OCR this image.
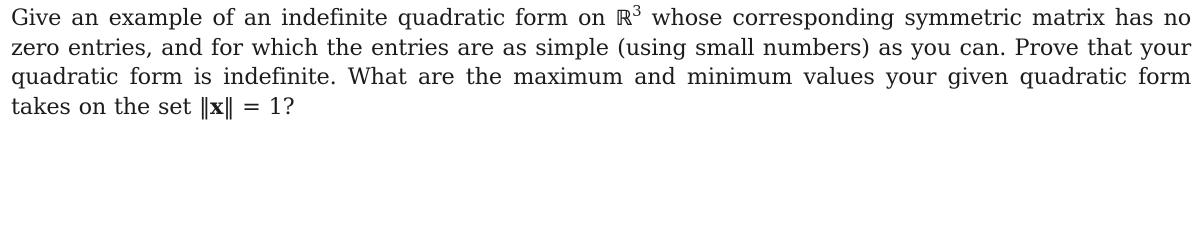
Give an example of an indefinite quadratic form on ℝ$^3$ whose corresponding symmetric matrix has no
zero entries, and for which the entries are as simple (using small numbers) as you can. Prove that your
quadratic form is indefinite. What are the maximum and minimum values your given quadratic form
takes on the set ‖x‖ = 1?
